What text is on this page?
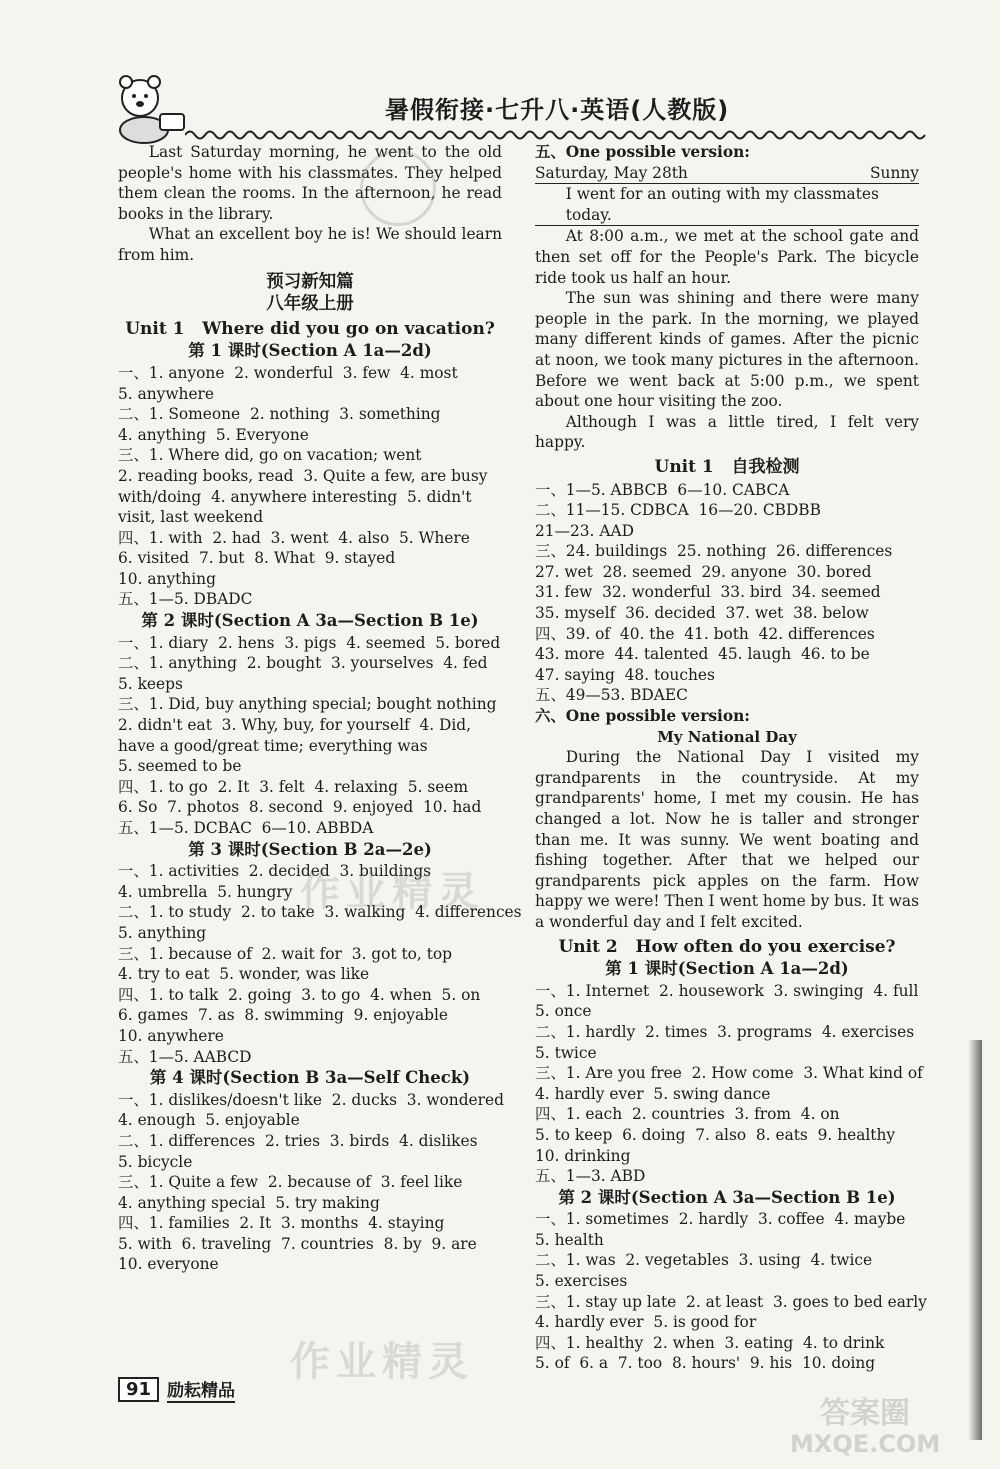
暑假衔接·七升八·英语(人教版)

Last Saturday morning, he went to the old people's home with his classmates. They helped them clean the rooms. In the afternoon, he read books in the library.

What an excellent boy he is! We should learn from him.

预习新知篇
八年级上册
Unit 1   Where did you go on vacation?
第 1 课时(Section A 1a—2d)

一、1. anyone  2. wonderful  3. few  4. most

5. anywhere

二、1. Someone  2. nothing  3. something

4. anything  5. Everyone

三、1. Where did, go on vacation; went

2. reading books, read  3. Quite a few, are busy

with/doing  4. anywhere interesting  5. didn't

visit, last weekend

四、1. with  2. had  3. went  4. also  5. Where

6. visited  7. but  8. What  9. stayed

10. anything

五、1—5. DBADC

第 2 课时(Section A 3a—Section B 1e)

一、1. diary  2. hens  3. pigs  4. seemed  5. bored

二、1. anything  2. bought  3. yourselves  4. fed

5. keeps

三、1. Did, buy anything special; bought nothing

2. didn't eat  3. Why, buy, for yourself  4. Did,

have a good/great time; everything was

5. seemed to be

四、1. to go  2. It  3. felt  4. relaxing  5. seem

6. So  7. photos  8. second  9. enjoyed  10. had

五、1—5. DCBAC  6—10. ABBDA

第 3 课时(Section B 2a—2e)

一、1. activities  2. decided  3. buildings

4. umbrella  5. hungry

二、1. to study  2. to take  3. walking  4. differences

5. anything

三、1. because of  2. wait for  3. got to, top

4. try to eat  5. wonder, was like

四、1. to talk  2. going  3. to go  4. when  5. on

6. games  7. as  8. swimming  9. enjoyable

10. anywhere

五、1—5. AABCD

第 4 课时(Section B 3a—Self Check)

一、1. dislikes/doesn't like  2. ducks  3. wondered

4. enough  5. enjoyable

二、1. differences  2. tries  3. birds  4. dislikes

5. bicycle

三、1. Quite a few  2. because of  3. feel like

4. anything special  5. try making

四、1. families  2. It  3. months  4. staying

5. with  6. traveling  7. countries  8. by  9. are

10. everyone

五、One possible version:

Saturday, May 28th	Sunny

I went for an outing with my classmates today.

At 8:00 a.m., we met at the school gate and then set off for the People's Park. The bicycle ride took us half an hour.

The sun was shining and there were many people in the park. In the morning, we played many different kinds of games. After the picnic at noon, we took many pictures in the afternoon. Before we went back at 5:00 p.m., we spent about one hour visiting the zoo.

Although I was a little tired, I felt very happy.

Unit 1   自我检测

一、1—5. ABBCB  6—10. CABCA

二、11—15. CDBCA  16—20. CBDBB

21—23. AAD

三、24. buildings  25. nothing  26. differences

27. wet  28. seemed  29. anyone  30. bored

31. few  32. wonderful  33. bird  34. seemed

35. myself  36. decided  37. wet  38. below

四、39. of  40. the  41. both  42. differences

43. more  44. talented  45. laugh  46. to be

47. saying  48. touches

五、49—53. BDAEC

六、One possible version:

My National Day

During the National Day I visited my grandparents in the countryside. At my grandparents' home, I met my cousin. He has changed a lot. Now he is taller and stronger than me. It was sunny. We went boating and fishing together. After that we helped our grandparents pick apples on the farm. How happy we were! Then I went home by bus. It was a wonderful day and I felt excited.

Unit 2   How often do you exercise?
第 1 课时(Section A 1a—2d)

一、1. Internet  2. housework  3. swinging  4. full

5. once

二、1. hardly  2. times  3. programs  4. exercises

5. twice

三、1. Are you free  2. How come  3. What kind of

4. hardly ever  5. swing dance

四、1. each  2. countries  3. from  4. on

5. to keep  6. doing  7. also  8. eats  9. healthy

10. drinking

五、1—3. ABD

第 2 课时(Section A 3a—Section B 1e)

一、1. sometimes  2. hardly  3. coffee  4. maybe

5. health

二、1. was  2. vegetables  3. using  4. twice

5. exercises

三、1. stay up late  2. at least  3. goes to bed early

4. hardly ever  5. is good for

四、1. healthy  2. when  3. eating  4. to drink

5. of  6. a  7. too  8. hours'  9. his  10. doing

作业精灵
作业精灵
答案圈
MXQE.COM
91 励耘精品
